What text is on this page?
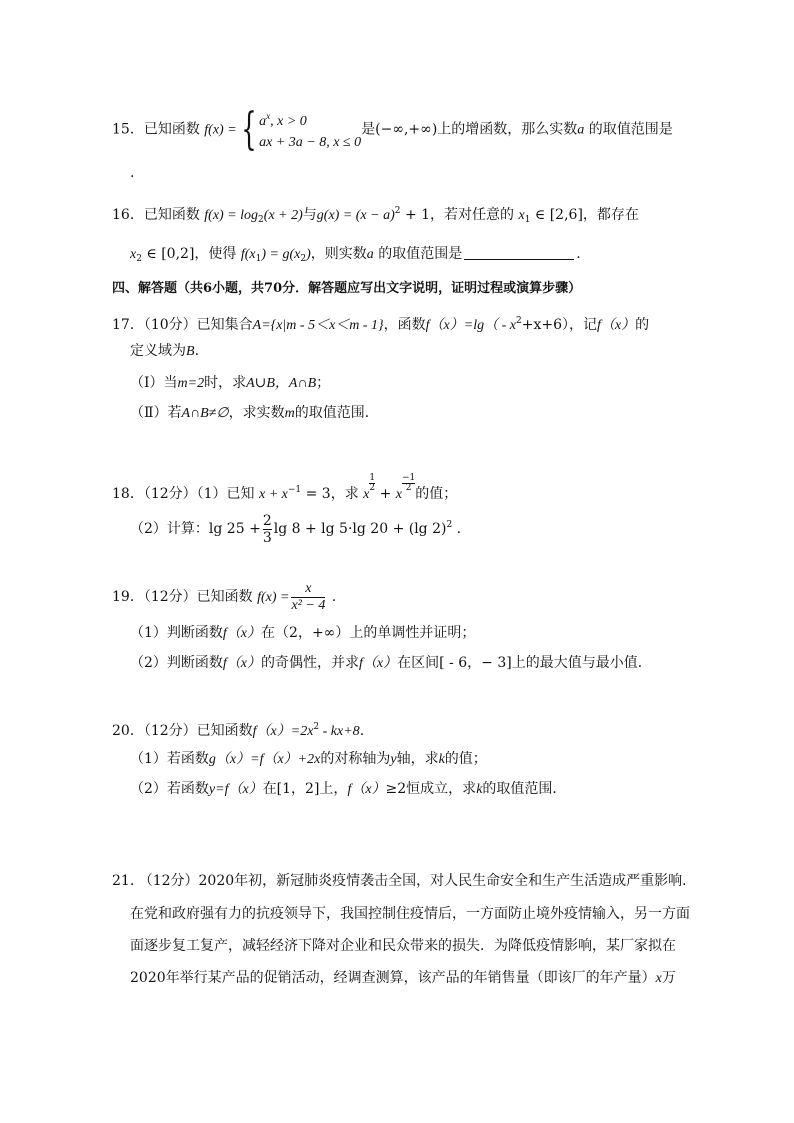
15．已知函数 f(x) = { $a^x$, x > 0
ax + 3a − 8, x ≤ 0是(−∞,+∞)上的增函数，那么实数a 的取值范围是
.
16．已知函数 $f(x) = \log_2(x + 2)$与$g(x) = (x - a)^2 + 1$，若对任意的 $x_1$ ∈ [2,6]，都存在
$x_2$ ∈ [0,2]，使得 $f(x_1) = g(x_2)$，则实数a 的取值范围是	.
四、解答题（共6小题，共70分．解答题应写出文字说明，证明过程或演算步骤）
17．（10分）已知集合A={x|m - 5＜x＜m - 1}，函数$f(x)=\lg( - x^2+x+6)$，记f（x）的
定义域为B.
（Ⅰ）当m=2时，求A∪B，A∩B；
（Ⅱ）若A∩B≠∅，求实数m的取值范围．
18．（12分）（1）已知 $x + x^{-1} = 3$，求 x
$\frac{1}{2}$
+ x
$\frac{-1}{2}$
的值；
（2）计算：$\lg 25 + \frac{2}{3}$ lg 8 + lg 5·lg 20 + (lg 2)$^2$ .
19．（12分）已知函数 $f(x) = \frac{x}{\text{x² − 4}}$ .
（1）判断函数f（x）在（2，+∞）上的单调性并证明；
（2）判断函数f（x）的奇偶性，并求f（x）在区间[ - 6，− 3]上的最大值与最小值．
20．（12分）已知函数$f(x)=2x^2 - kx+8$.
（1）若函数g（x）=f（x）+2x的对称轴为y轴，求k的值；
（2）若函数y=f（x）在[1，2]上，f（x）≥2恒成立，求k的取值范围．
21. （12分）2020年初，新冠肺炎疫情袭击全国，对人民生命安全和生产生活造成严重影响．
在党和政府强有力的抗疫领导下，我国控制住疫情后，一方面防止境外疫情输入，另一方面
面逐步复工复产，减轻经济下降对企业和民众带来的损失．为降低疫情影响，某厂家拟在
2020年举行某产品的促销活动，经调查测算，该产品的年销售量（即该厂的年产量）x万
